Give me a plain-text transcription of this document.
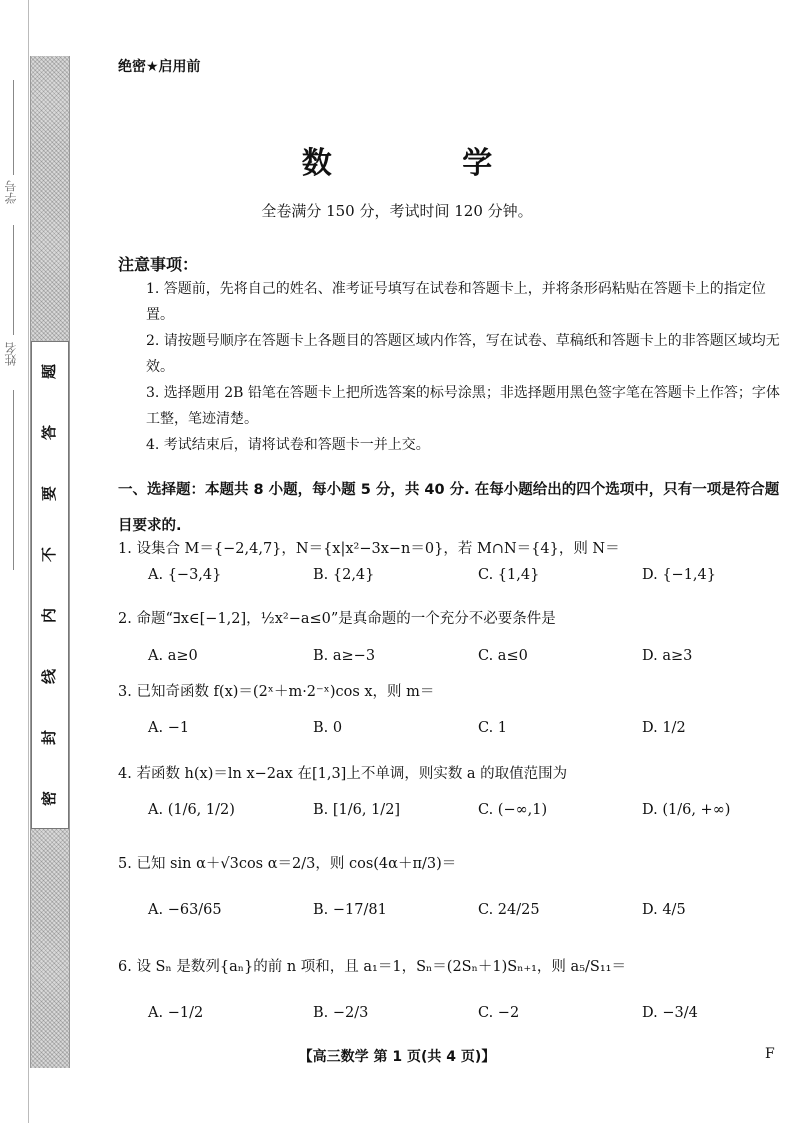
学号
姓名
题
答
要
不
内
线
封
密
绝密★启用前
数 学
全卷满分 150 分，考试时间 120 分钟。
注意事项：

1. 答题前，先将自己的姓名、准考证号填写在试卷和答题卡上，并将条形码粘贴在答题卡上的指定位置。

2. 请按题号顺序在答题卡上各题目的答题区域内作答，写在试卷、草稿纸和答题卡上的非答题区域均无效。

3. 选择题用 2B 铅笔在答题卡上把所选答案的标号涂黑；非选择题用黑色签字笔在答题卡上作答；字体工整，笔迹清楚。

4. 考试结束后，请将试卷和答题卡一并上交。

一、选择题：本题共 8 小题，每小题 5 分，共 40 分. 在每小题给出的四个选项中，只有一项是符合题目要求的.
1. 设集合 M＝{−2,4,7}，N＝{x|x²−3x−n＝0}，若 M∩N＝{4}，则 N＝
A. {−3,4}	B. {2,4}	C. {1,4}	D. {−1,4}
2. 命题“∃x∈[−1,2]，½x²−a≤0”是真命题的一个充分不必要条件是
A. a≥0	B. a≥−3	C. a≤0	D. a≥3
3. 已知奇函数 f(x)＝(2ˣ＋m·2⁻ˣ)cos x，则 m＝
A. −1	B. 0	C. 1	D. 1/2
4. 若函数 h(x)＝ln x−2ax 在[1,3]上不单调，则实数 a 的取值范围为
A. (1/6, 1/2)	B. [1/6, 1/2]	C. (−∞,1)	D. (1/6, +∞)
5. 已知 sin α＋√3cos α＝2/3，则 cos(4α＋π/3)＝
A. −63/65	B. −17/81	C. 24/25	D. 4/5
6. 设 Sₙ 是数列{aₙ}的前 n 项和，且 a₁＝1，Sₙ＝(2Sₙ＋1)Sₙ₊₁，则 a₅/S₁₁＝
A. −1/2	B. −2/3	C. −2	D. −3/4
【高三数学 第 1 页(共 4 页)】	F
